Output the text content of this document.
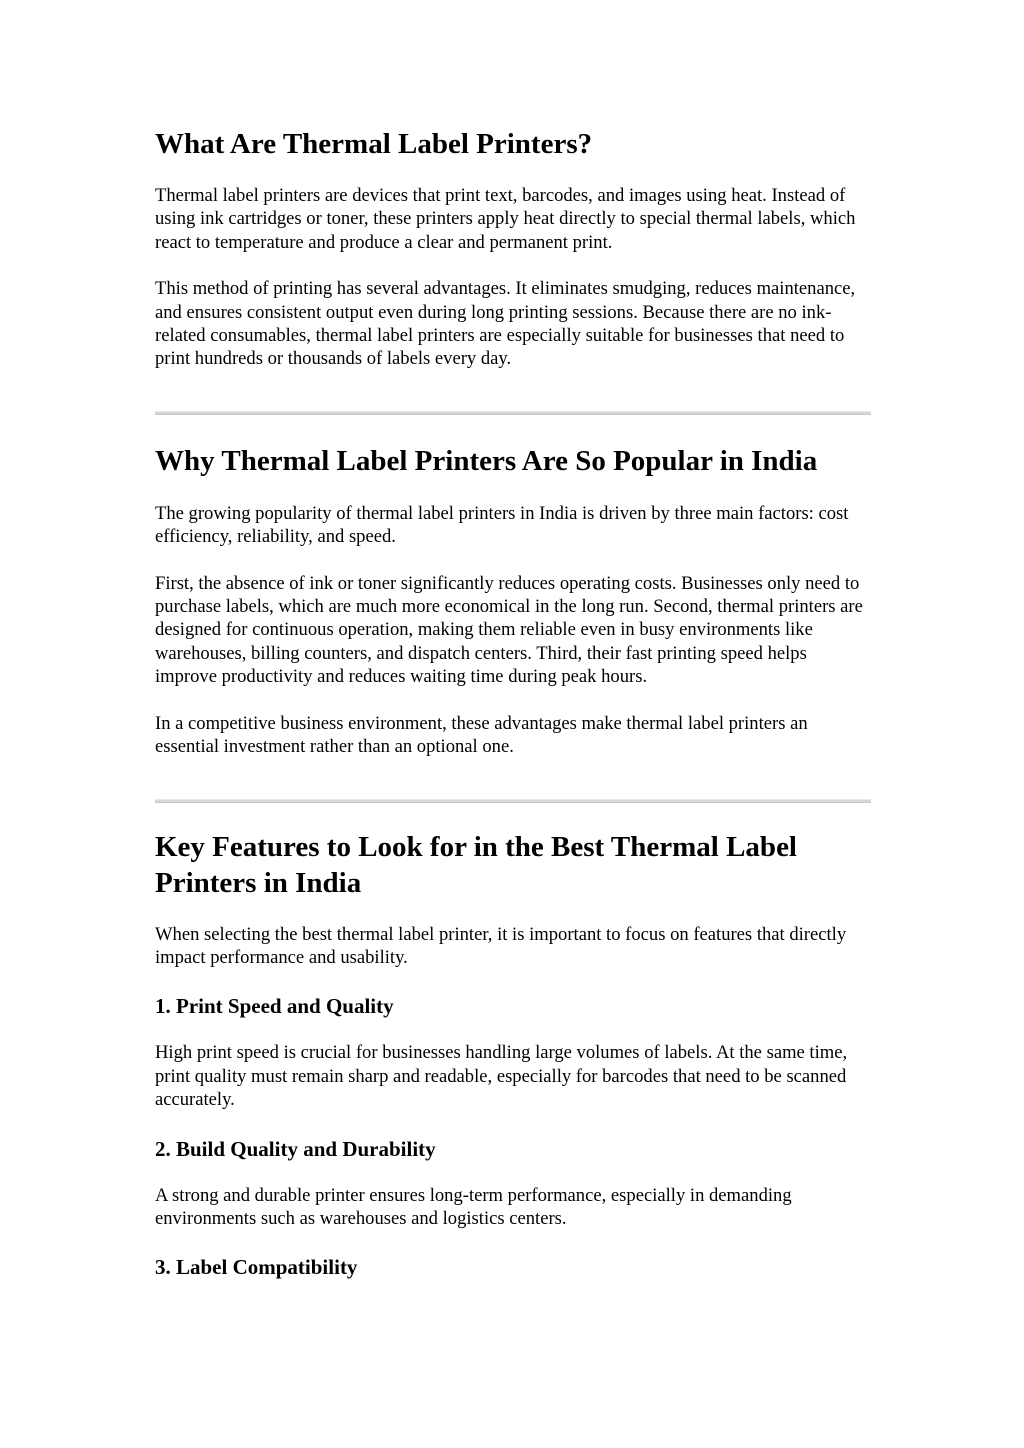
What Are Thermal Label Printers?

Thermal label printers are devices that print text, barcodes, and images using heat. Instead of using ink cartridges or toner, these printers apply heat directly to special thermal labels, which react to temperature and produce a clear and permanent print.

This method of printing has several advantages. It eliminates smudging, reduces maintenance, and ensures consistent output even during long printing sessions. Because there are no ink-related consumables, thermal label printers are especially suitable for businesses that need to print hundreds or thousands of labels every day.

Why Thermal Label Printers Are So Popular in India

The growing popularity of thermal label printers in India is driven by three main factors: cost efficiency, reliability, and speed.

First, the absence of ink or toner significantly reduces operating costs. Businesses only need to purchase labels, which are much more economical in the long run. Second, thermal printers are designed for continuous operation, making them reliable even in busy environments like warehouses, billing counters, and dispatch centers. Third, their fast printing speed helps improve productivity and reduces waiting time during peak hours.

In a competitive business environment, these advantages make thermal label printers an essential investment rather than an optional one.

Key Features to Look for in the Best Thermal Label Printers in India

When selecting the best thermal label printer, it is important to focus on features that directly impact performance and usability.

1. Print Speed and Quality

High print speed is crucial for businesses handling large volumes of labels. At the same time, print quality must remain sharp and readable, especially for barcodes that need to be scanned accurately.

2. Build Quality and Durability

A strong and durable printer ensures long-term performance, especially in demanding environments such as warehouses and logistics centers.

3. Label Compatibility
